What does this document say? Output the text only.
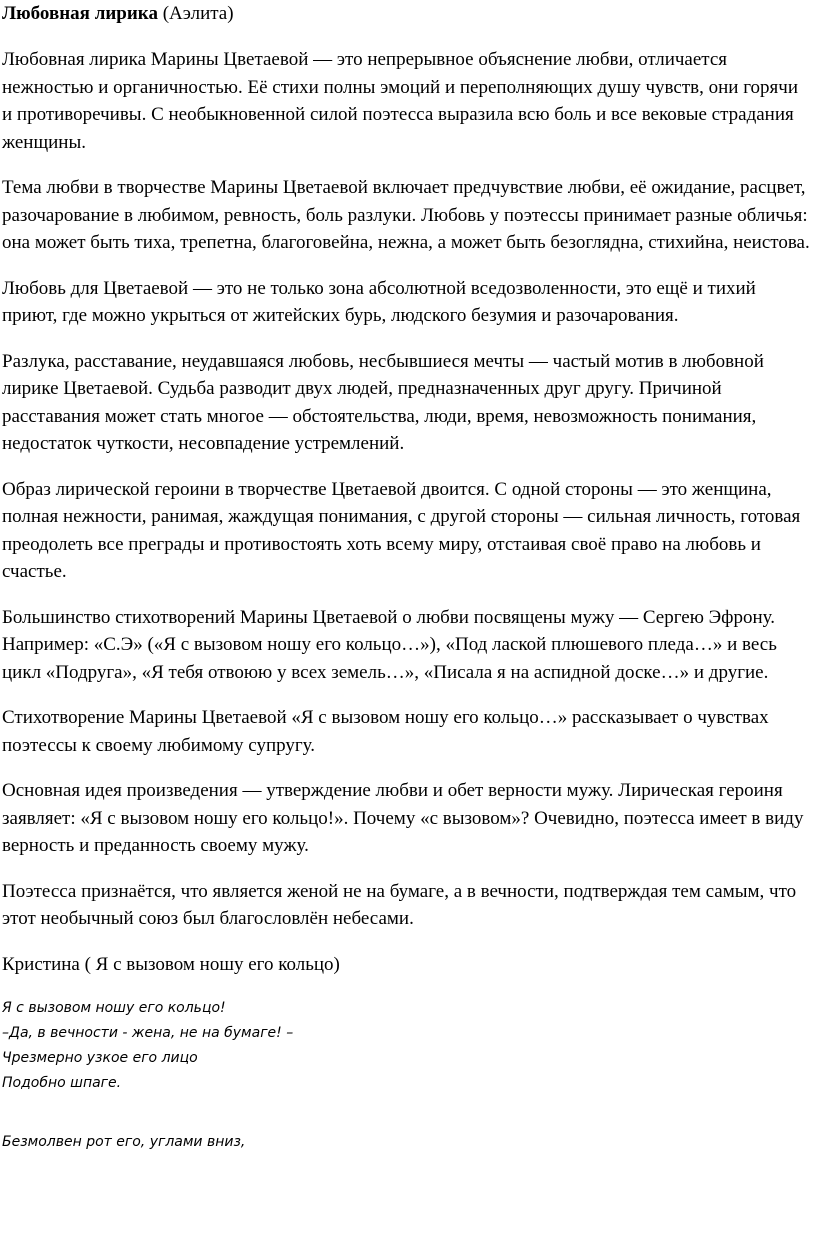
Любовная лирика (Аэлита)

Любовная лирика Марины Цветаевой — это непрерывное объяснение любви, отличается нежностью и органичностью. Её стихи полны эмоций и переполняющих душу чувств, они горячи и противоречивы. С необыкновенной силой поэтесса выразила всю боль и все вековые страдания женщины.

Тема любви в творчестве Марины Цветаевой включает предчувствие любви, её ожидание, расцвет, разочарование в любимом, ревность, боль разлуки. Любовь у поэтессы принимает разные обличья: она может быть тиха, трепетна, благоговейна, нежна, а может быть безоглядна, стихийна, неистова.

Любовь для Цветаевой — это не только зона абсолютной вседозволенности, это ещё и тихий приют, где можно укрыться от житейских бурь, людского безумия и разочарования.

Разлука, расставание, неудавшаяся любовь, несбывшиеся мечты — частый мотив в любовной лирике Цветаевой. Судьба разводит двух людей, предназначенных друг другу. Причиной расставания может стать многое — обстоятельства, люди, время, невозможность понимания, недостаток чуткости, несовпадение устремлений.

Образ лирической героини в творчестве Цветаевой двоится. С одной стороны — это женщина, полная нежности, ранимая, жаждущая понимания, с другой стороны — сильная личность, готовая преодолеть все преграды и противостоять хоть всему миру, отстаивая своё право на любовь и счастье.

Большинство стихотворений Марины Цветаевой о любви посвящены мужу — Сергею Эфрону. Например: «С.Э» («Я с вызовом ношу его кольцо…»), «Под лаской плюшевого пледа…» и весь цикл «Подруга», «Я тебя отвоюю у всех земель…», «Писала я на аспидной доске…» и другие.

Стихотворение Марины Цветаевой «Я с вызовом ношу его кольцо…» рассказывает о чувствах поэтессы к своему любимому супругу.

Основная идея произведения — утверждение любви и обет верности мужу. Лирическая героиня заявляет: «Я с вызовом ношу его кольцо!». Почему «с вызовом»? Очевидно, поэтесса имеет в виду верность и преданность своему мужу.

Поэтесса признаётся, что является женой не на бумаге, а в вечности, подтверждая тем самым, что этот необычный союз был благословлён небесами.

Кристина ( Я с вызовом ношу его кольцо)

Я с вызовом ношу его кольцо!
–Да, в вечности - жена, не на бумаге! –
Чрезмерно узкое его лицо
Подобно шпаге.
Безмолвен рот его, углами вниз,
